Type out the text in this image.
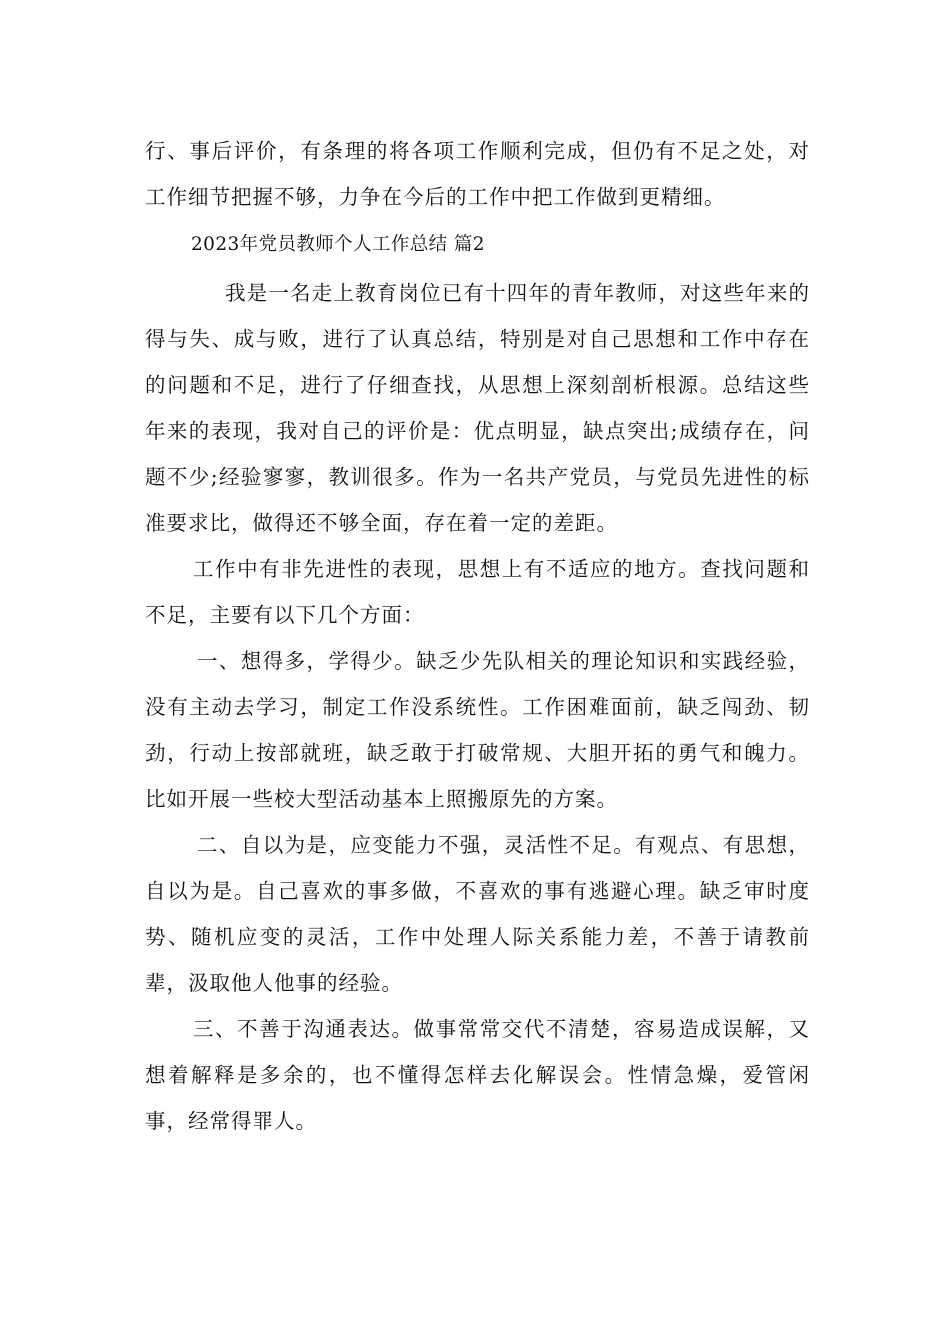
行、事后评价，有条理的将各项工作顺利完成，但仍有不足之处，对工作细节把握不够，力争在今后的工作中把工作做到更精细。

2023年党员教师个人工作总结 篇2

我是一名走上教育岗位已有十四年的青年教师，对这些年来的得与失、成与败，进行了认真总结，特别是对自己思想和工作中存在的问题和不足，进行了仔细查找，从思想上深刻剖析根源。总结这些年来的表现，我对自己的评价是：优点明显，缺点突出;成绩存在，问题不少;经验寥寥，教训很多。作为一名共产党员，与党员先进性的标准要求比，做得还不够全面，存在着一定的差距。

工作中有非先进性的表现，思想上有不适应的地方。查找问题和不足，主要有以下几个方面：

一、想得多，学得少。缺乏少先队相关的理论知识和实践经验，没有主动去学习，制定工作没系统性。工作困难面前，缺乏闯劲、韧劲，行动上按部就班，缺乏敢于打破常规、大胆开拓的勇气和魄力。比如开展一些校大型活动基本上照搬原先的方案。

二、自以为是，应变能力不强，灵活性不足。有观点、有思想，自以为是。自己喜欢的事多做，不喜欢的事有逃避心理。缺乏审时度势、随机应变的灵活，工作中处理人际关系能力差，不善于请教前辈，汲取他人他事的经验。

三、不善于沟通表达。做事常常交代不清楚，容易造成误解，又想着解释是多余的，也不懂得怎样去化解误会。性情急燥，爱管闲事，经常得罪人。
